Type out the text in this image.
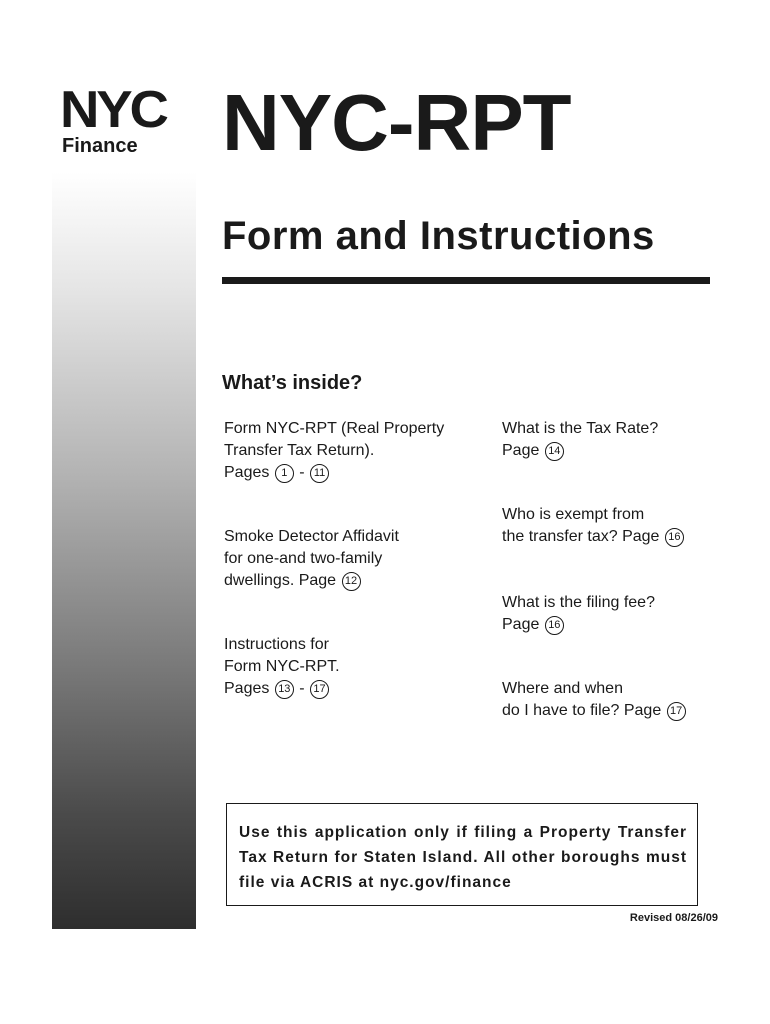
New York City
Department of Finance
NYC
Finance NYC-RPT
Form and Instructions
What’s inside?
Form NYC-RPT (Real Property
Transfer Tax Return).
Pages 1 - 11
Smoke Detector Affidavit
for one-and two-family
dwellings. Page 12
Instructions for
Form NYC-RPT.
Pages 13 - 17
What is the Tax Rate?
Page 14
Who is exempt from
the transfer tax? Page 16
What is the filing fee?
Page 16
Where and when
do I have to file? Page 17
Use this application only if filing a Property Transfer Tax Return for Staten Island. All other boroughs must file via ACRIS at nyc.gov/finance
Revised 08/26/09
